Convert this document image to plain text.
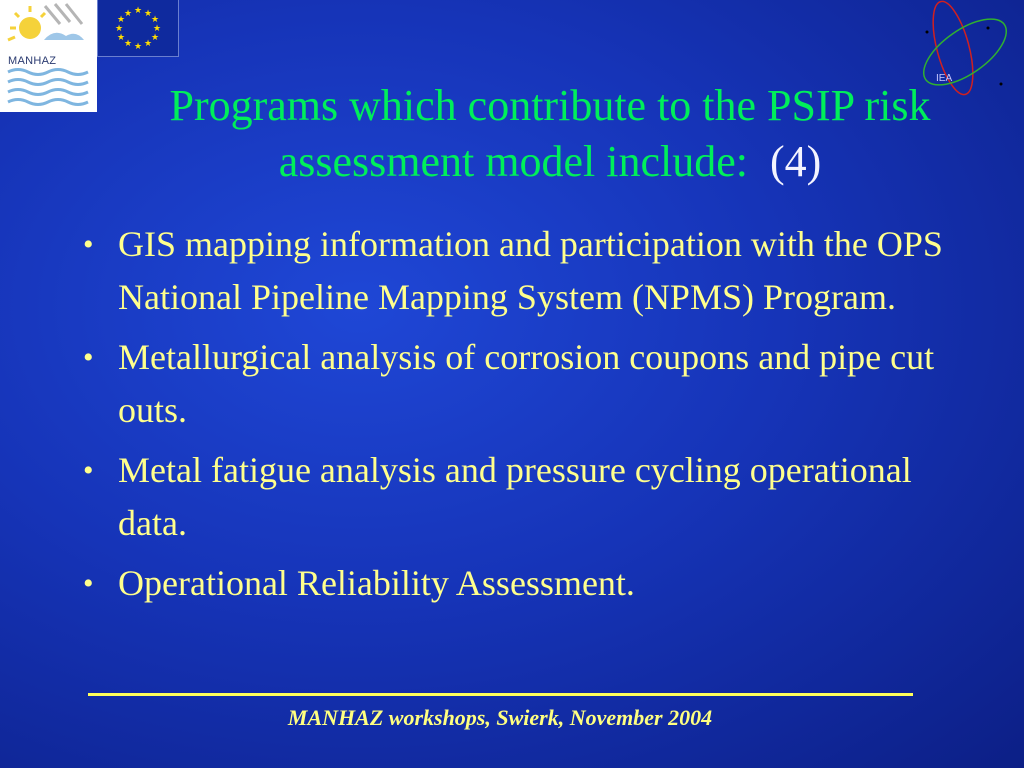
MANHAZ
★ ★
★
★
★
★
★
★
★
★
★
★
IEA
Programs which contribute to the PSIP risk
assessment model include: (4)
• GIS mapping information and participation with the OPS National Pipeline Mapping System (NPMS) Program.
• Metallurgical analysis of corrosion coupons and pipe cut outs.
• Metal fatigue analysis and pressure cycling operational data.
• Operational Reliability Assessment.
MANHAZ workshops, Swierk, November 2004
